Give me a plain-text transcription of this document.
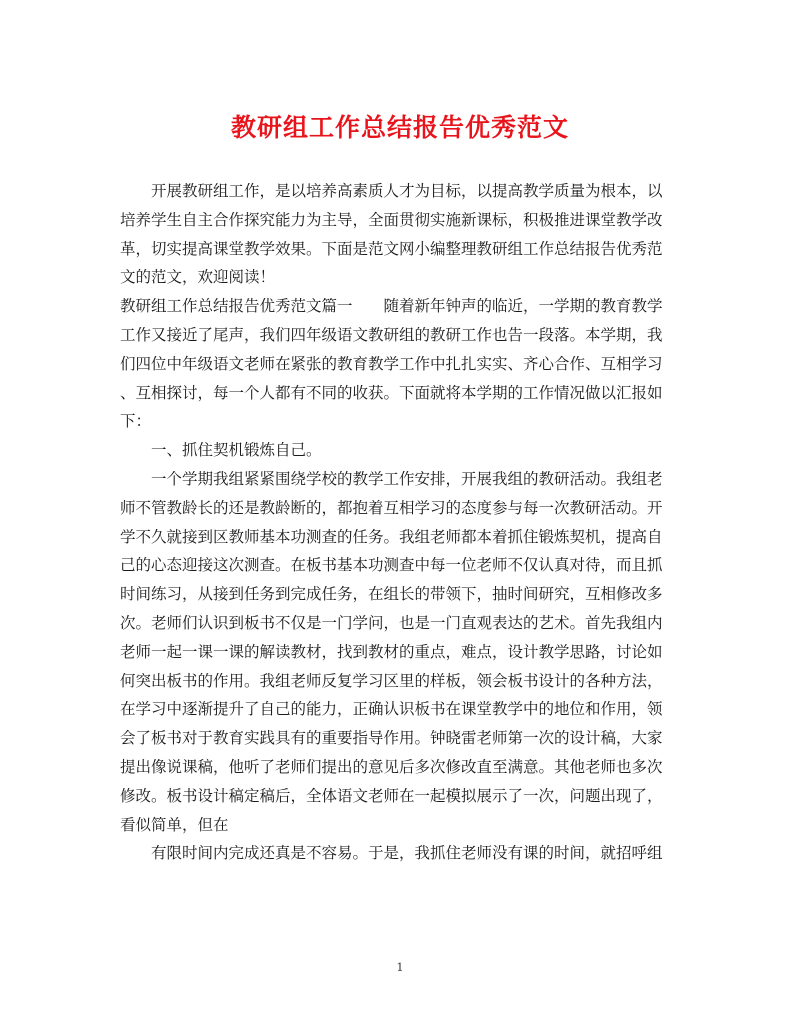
教研组工作总结报告优秀范文
开展教研组工作，是以培养高素质人才为目标，以提高教学质量为根本，以
培养学生自主合作探究能力为主导，全面贯彻实施新课标，积极推进课堂教学改
革，切实提高课堂教学效果。下面是范文网小编整理教研组工作总结报告优秀范
文的范文，欢迎阅读！
教研组工作总结报告优秀范文篇一　　随着新年钟声的临近，一学期的教育教学
工作又接近了尾声，我们四年级语文教研组的教研工作也告一段落。本学期，我
们四位中年级语文老师在紧张的教育教学工作中扎扎实实、齐心合作、互相学习
、互相探讨，每一个人都有不同的收获。下面就将本学期的工作情况做以汇报如
下：
一、抓住契机锻炼自己。
一个学期我组紧紧围绕学校的教学工作安排，开展我组的教研活动。我组老
师不管教龄长的还是教龄断的，都抱着互相学习的态度参与每一次教研活动。开
学不久就接到区教师基本功测查的任务。我组老师都本着抓住锻炼契机，提高自
己的心态迎接这次测查。在板书基本功测查中每一位老师不仅认真对待，而且抓
时间练习，从接到任务到完成任务，在组长的带领下，抽时间研究，互相修改多
次。老师们认识到板书不仅是一门学问，也是一门直观表达的艺术。首先我组内
老师一起一课一课的解读教材，找到教材的重点，难点，设计教学思路，讨论如
何突出板书的作用。我组老师反复学习区里的样板，领会板书设计的各种方法，
在学习中逐渐提升了自己的能力，正确认识板书在课堂教学中的地位和作用，领
会了板书对于教育实践具有的重要指导作用。钟晓雷老师第一次的设计稿，大家
提出像说课稿，他听了老师们提出的意见后多次修改直至满意。其他老师也多次
修改。板书设计稿定稿后，全体语文老师在一起模拟展示了一次，问题出现了，
看似简单，但在
有限时间内完成还真是不容易。于是，我抓住老师没有课的时间，就招呼组
1
